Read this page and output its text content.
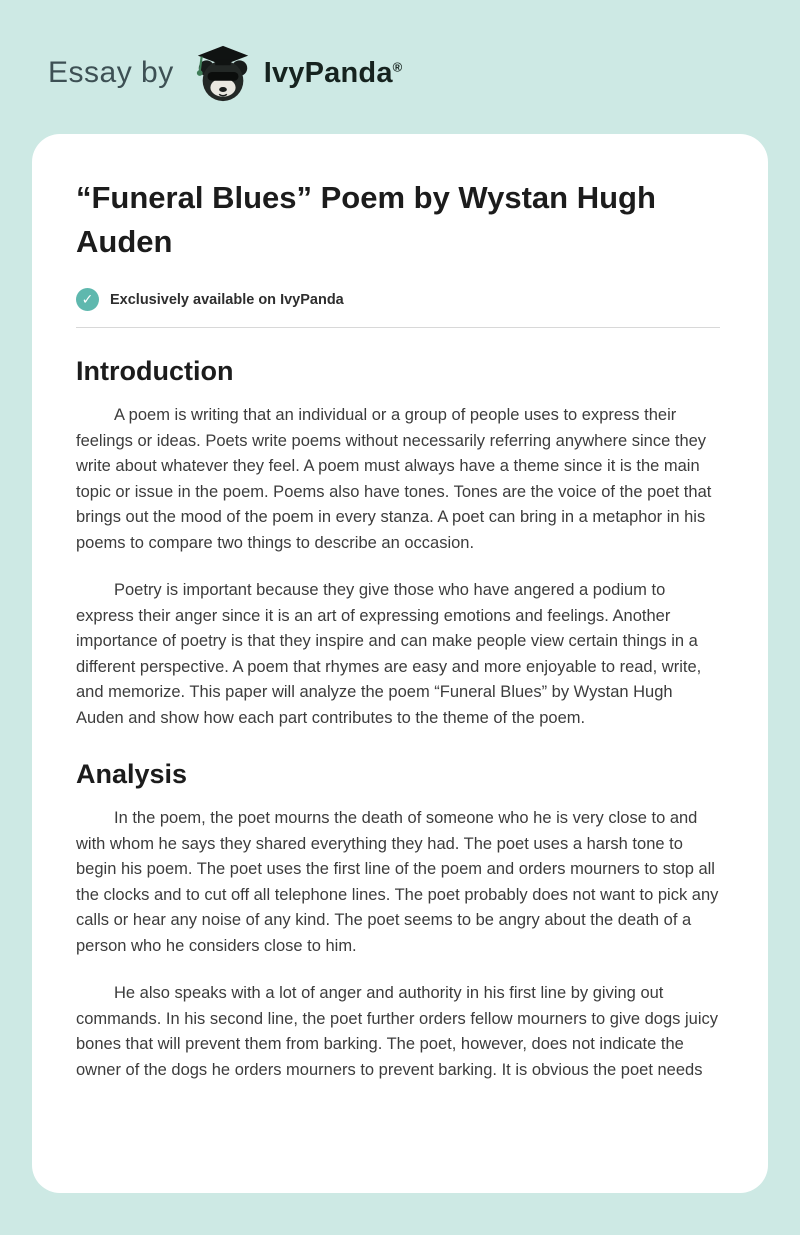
Essay by	IvyPanda®
“Funeral Blues” Poem by Wystan Hugh Auden
✓	Exclusively available on IvyPanda
Introduction

A poem is writing that an individual or a group of people uses to express their feelings or ideas. Poets write poems without necessarily referring anywhere since they write about whatever they feel. A poem must always have a theme since it is the main topic or issue in the poem. Poems also have tones. Tones are the voice of the poet that brings out the mood of the poem in every stanza. A poet can bring in a metaphor in his poems to compare two things to describe an occasion.

Poetry is important because they give those who have angered a podium to express their anger since it is an art of expressing emotions and feelings. Another importance of poetry is that they inspire and can make people view certain things in a different perspective. A poem that rhymes are easy and more enjoyable to read, write, and memorize. This paper will analyze the poem “Funeral Blues” by Wystan Hugh Auden and show how each part contributes to the theme of the poem.

Analysis

In the poem, the poet mourns the death of someone who he is very close to and with whom he says they shared everything they had. The poet uses a harsh tone to begin his poem. The poet uses the first line of the poem and orders mourners to stop all the clocks and to cut off all telephone lines. The poet probably does not want to pick any calls or hear any noise of any kind. The poet seems to be angry about the death of a person who he considers close to him.

He also speaks with a lot of anger and authority in his first line by giving out commands. In his second line, the poet further orders fellow mourners to give dogs juicy bones that will prevent them from barking. The poet, however, does not indicate the owner of the dogs he orders mourners to prevent barking. It is obvious the poet needs
